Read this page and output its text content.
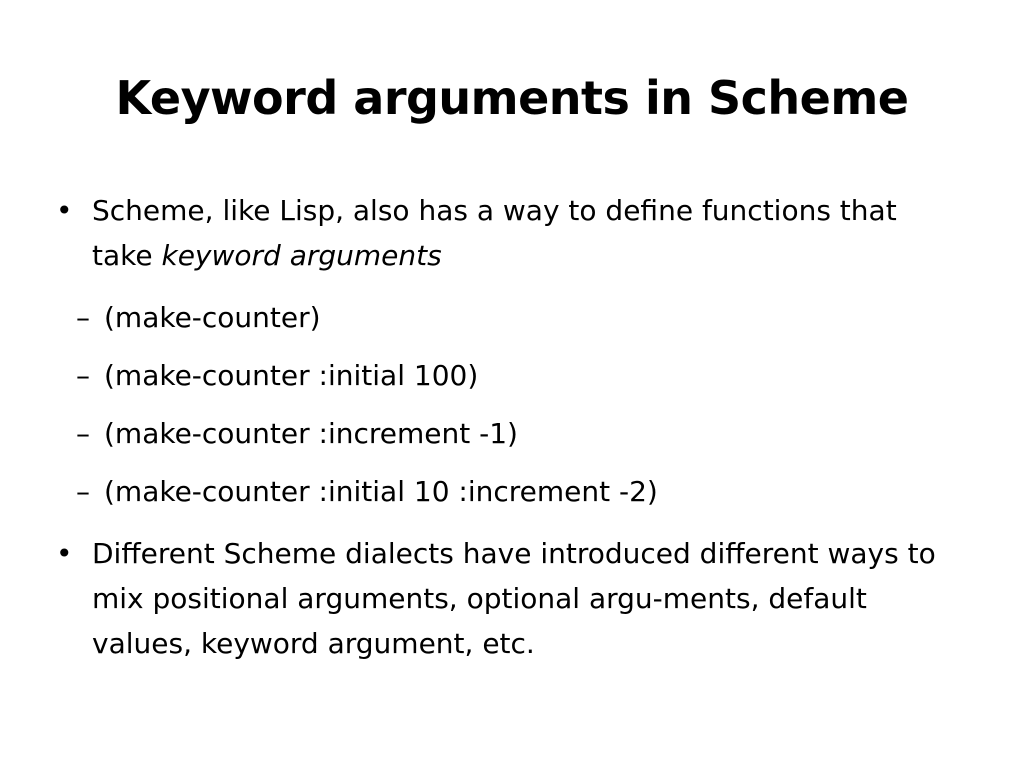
Keyword arguments in Scheme

• Scheme, like Lisp, also has a way to define functions that take keyword arguments

– (make-counter)

– (make-counter :initial 100)

– (make-counter :increment -1)

– (make-counter :initial 10 :increment -2)

• Different Scheme dialects have introduced different ways to mix positional arguments, optional argu-ments, default values, keyword argument, etc.
